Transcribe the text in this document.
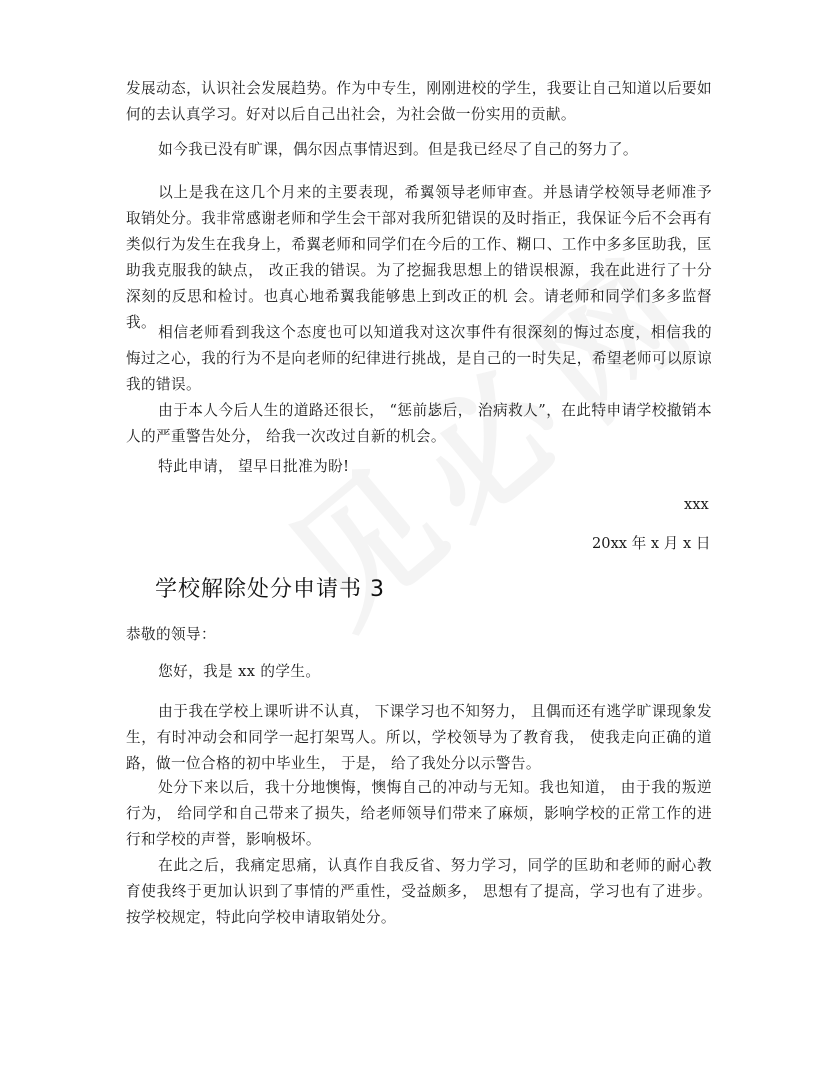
发展动态，认识社会发展趋势。作为中专生，刚刚进校的学生，我要让自己知道以后要如何的去认真学习。好对以后自己出社会，为社会做一份实用的贡献。

如今我已没有旷课，偶尔因点事情迟到。但是我已经尽了自己的努力了。

以上是我在这几个月来的主要表现，希翼领导老师审查。并恳请学校领导老师准予取销处分。我非常感谢老师和学生会干部对我所犯错误的及时指正，我保证今后不会再有类似行为发生在我身上，希翼老师和同学们在今后的工作、糊口、工作中多多匡助我，匡助我克服我的缺点， 改正我的错误。为了挖掘我思想上的错误根源，我在此进行了十分深刻的反思和检讨。也真心地希翼我能够患上到改正的机 会。请老师和同学们多多监督我。

相信老师看到我这个态度也可以知道我对这次事件有很深刻的悔过态度，相信我的悔过之心，我的行为不是向老师的纪律进行挑战，是自己的一时失足，希望老师可以原谅我的错误。

由于本人今后人生的道路还很长， “惩前毖后， 治病救人”，在此特申请学校撤销本人的严重警告处分， 给我一次改过自新的机会。

特此申请， 望早日批准为盼!

xxx

20xx 年 x 月 x 日

学校解除处分申请书 3

恭敬的领导：

您好，我是 xx 的学生。

由于我在学校上课听讲不认真， 下课学习也不知努力， 且偶而还有逃学旷课现象发生，有时冲动会和同学一起打架骂人。所以，学校领导为了教育我， 使我走向正确的道路，做一位合格的初中毕业生， 于是， 给了我处分以示警告。

处分下来以后，我十分地懊悔，懊悔自己的冲动与无知。我也知道， 由于我的叛逆行为， 给同学和自己带来了损失，给老师领导们带来了麻烦，影响学校的正常工作的进行和学校的声誉，影响极坏。

在此之后，我痛定思痛，认真作自我反省、努力学习，同学的匡助和老师的耐心教育使我终于更加认识到了事情的严重性，受益颇多， 思想有了提高，学习也有了进步。按学校规定，特此向学校申请取销处分。
